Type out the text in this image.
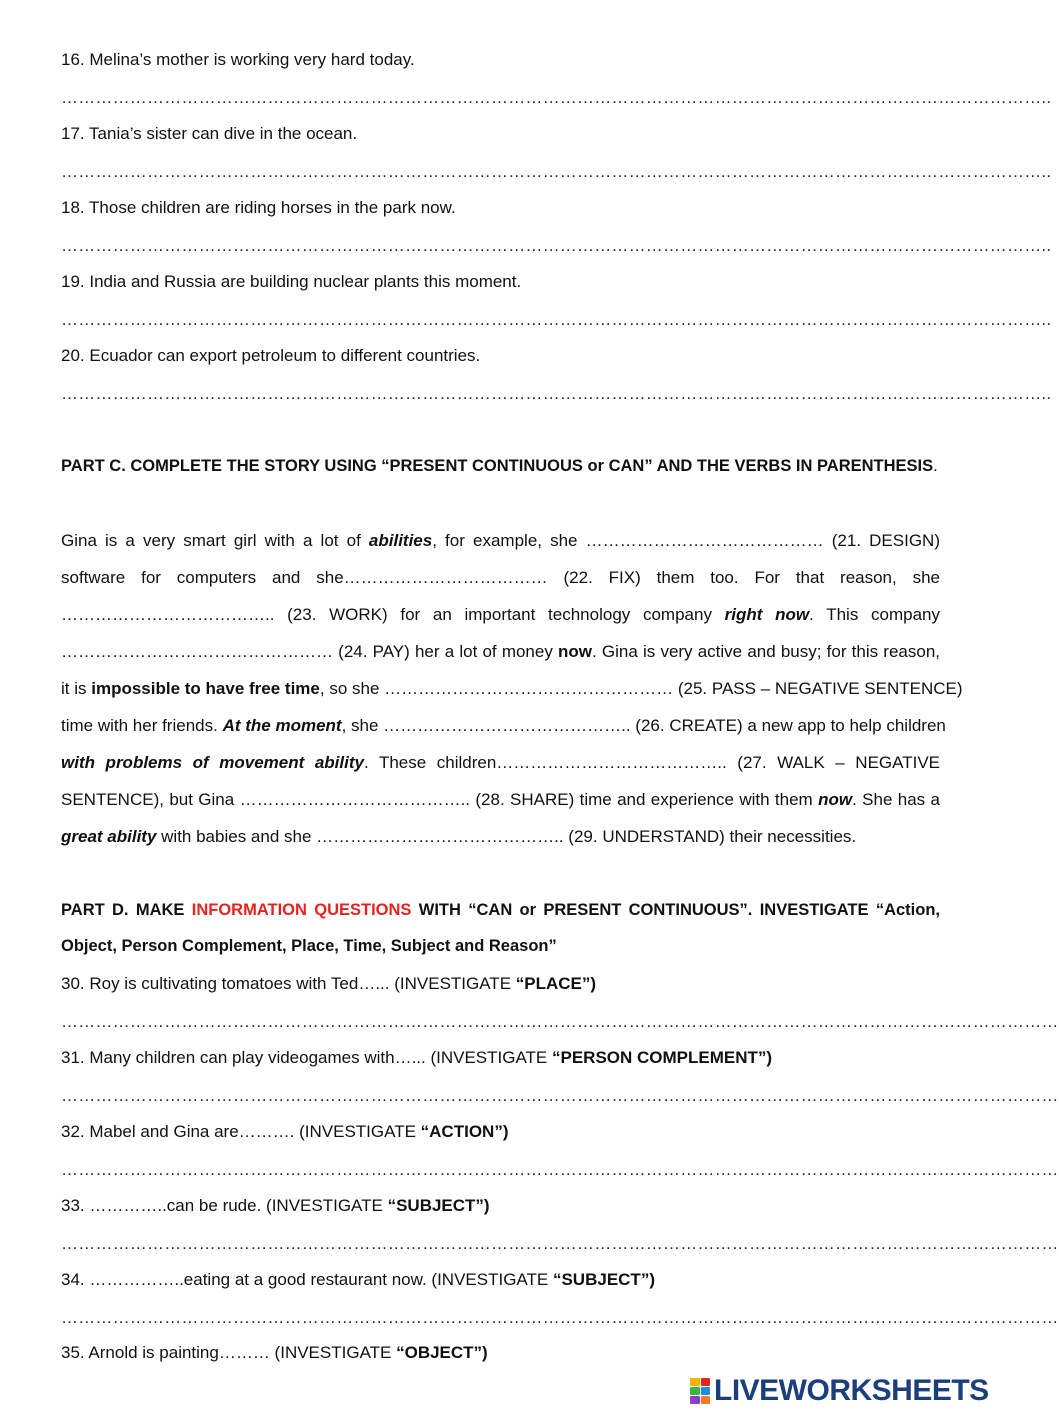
16. Melina’s mother is working very hard today.
………………………………………………………………………………………………………………………………………………………..
17. Tania’s sister can dive in the ocean.
………………………………………………………………………………………………………………………………………………………..
18. Those children are riding horses in the park now.
………………………………………………………………………………………………………………………………………………………..
19. India and Russia are building nuclear plants this moment.
………………………………………………………………………………………………………………………………………………………..
20. Ecuador can export petroleum to different countries.
………………………………………………………………………………………………………………………………………………………..
PART C. COMPLETE THE STORY USING “PRESENT CONTINUOUS or CAN” AND THE VERBS IN PARENTHESIS.
Gina is a very smart girl with a lot of abilities, for example, she …………………………………… (21. DESIGN)
software for computers and she……………………………… (22. FIX) them too. For that reason, she
……………………………….. (23. WORK) for an important technology company right now. This company
………………………………………… (24. PAY) her a lot of money now. Gina is very active and busy; for this reason,
it is impossible to have free time, so she …………………………………………… (25. PASS – NEGATIVE SENTENCE)
time with her friends. At the moment, she …………………………………….. (26. CREATE) a new app to help children
with problems of movement ability. These children………………………………….. (27. WALK – NEGATIVE
SENTENCE), but Gina ………………………………….. (28. SHARE) time and experience with them now. She has a
great ability with babies and she …………………………………….. (29. UNDERSTAND) their necessities.
PART D. MAKE INFORMATION QUESTIONS WITH “CAN or PRESENT CONTINUOUS”. INVESTIGATE “Action,
Object, Person Complement, Place, Time, Subject and Reason”
30. Roy is cultivating tomatoes with Ted…... (INVESTIGATE “PLACE”)
…………………………………………………………………………………………………………………………………………………………
31. Many children can play videogames with…... (INVESTIGATE “PERSON COMPLEMENT”)
…………………………………………………………………………………………………………………………………………………………
32. Mabel and Gina are………. (INVESTIGATE “ACTION”)
…………………………………………………………………………………………………………………………………………………………
33. …………..can be rude. (INVESTIGATE “SUBJECT”)
…………………………………………………………………………………………………………………………………………………………
34. ……………..eating at a good restaurant now. (INVESTIGATE “SUBJECT”)
…………………………………………………………………………………………………………………………………………………………
35. Arnold is painting……… (INVESTIGATE “OBJECT”)
LIVEWORKSHEETS
